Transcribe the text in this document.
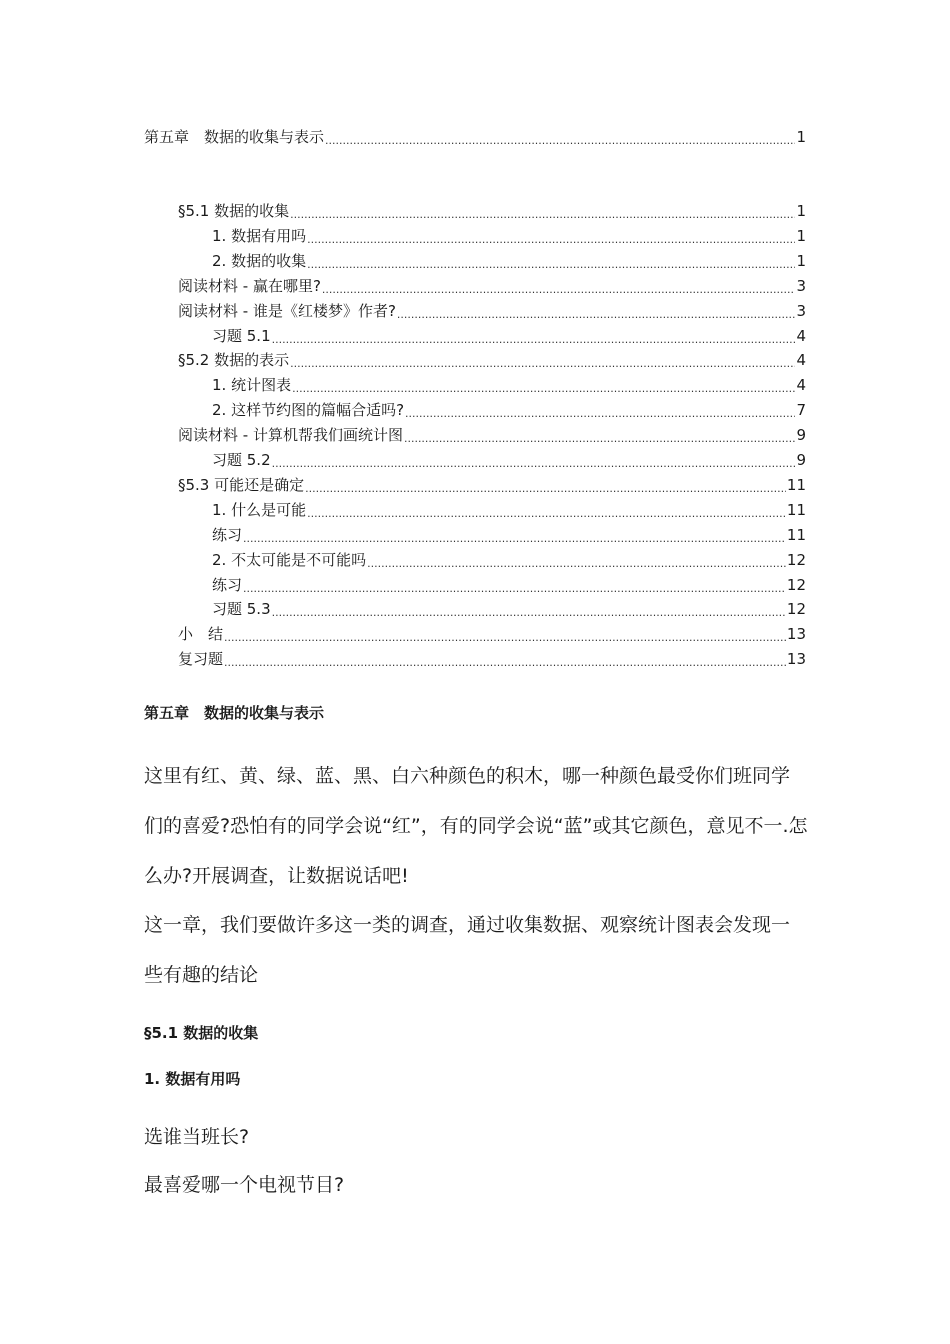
第五章　数据的收集与表示 .....	1
§5.1 数据的收集 .....	1
1. 数据有用吗 .....	1
2. 数据的收集 .....	1
阅读材料 - 赢在哪里? .....	3
阅读材料 - 谁是《红楼梦》作者? .....	3
习题 5.1 .....	4
§5.2 数据的表示 .....	4
1. 统计图表 .....	4
2. 这样节约图的篇幅合适吗? .....	7
阅读材料 - 计算机帮我们画统计图 .....	9
习题 5.2 .....	9
§5.3 可能还是确定 .....	11
1. 什么是可能 .....	11
练习 .....	11
2. 不太可能是不可能吗 .....	12
练习 .....	12
习题 5.3 .....	12
小　结 .....	13
复习题 .....	13
第五章　数据的收集与表示
这里有红、黄、绿、蓝、黑、白六种颜色的积木，哪一种颜色最受你们班同学们的喜爱?恐怕有的同学会说“红”，有的同学会说“蓝”或其它颜色，意见不一.怎么办?开展调查，让数据说话吧!
这一章，我们要做许多这一类的调查，通过收集数据、观察统计图表会发现一些有趣的结论
§5.1 数据的收集
1. 数据有用吗
选谁当班长?
最喜爱哪一个电视节目?
